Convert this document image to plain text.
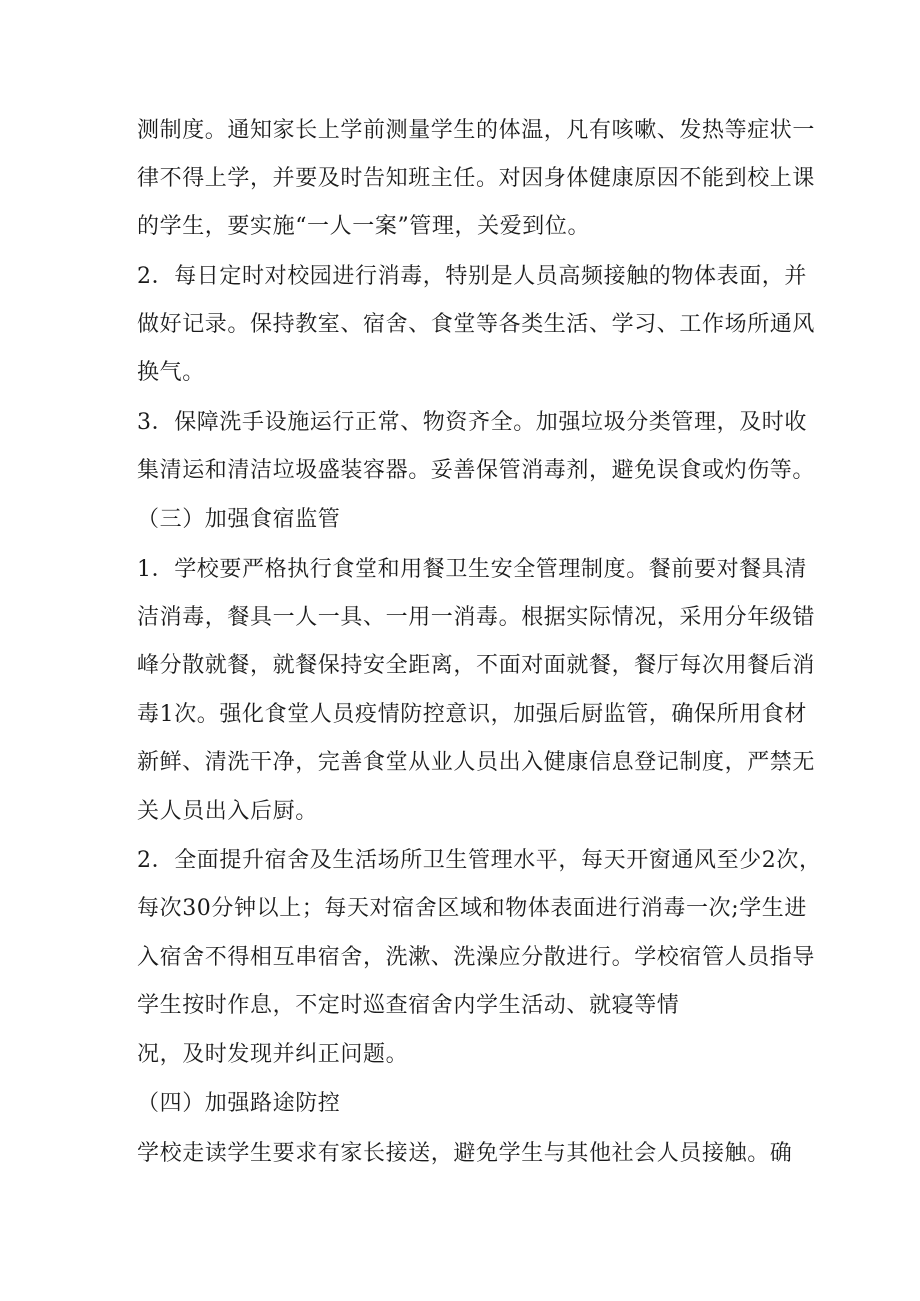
测制度。通知家长上学前测量学生的体温，凡有咳嗽、发热等症状一
律不得上学，并要及时告知班主任。对因身体健康原因不能到校上课
的学生，要实施“一人一案”管理，关爱到位。
2．每日定时对校园进行消毒，特别是人员高频接触的物体表面，并
做好记录。保持教室、宿舍、食堂等各类生活、学习、工作场所通风
换气。
3．保障洗手设施运行正常、物资齐全。加强垃圾分类管理，及时收
集清运和清洁垃圾盛装容器。妥善保管消毒剂，避免误食或灼伤等。
（三）加强食宿监管
1．学校要严格执行食堂和用餐卫生安全管理制度。餐前要对餐具清
洁消毒，餐具一人一具、一用一消毒。根据实际情况，采用分年级错
峰分散就餐，就餐保持安全距离，不面对面就餐，餐厅每次用餐后消
毒1次。强化食堂人员疫情防控意识，加强后厨监管，确保所用食材
新鲜、清洗干净，完善食堂从业人员出入健康信息登记制度，严禁无
关人员出入后厨。
2．全面提升宿舍及生活场所卫生管理水平，每天开窗通风至少2次，
每次30分钟以上；每天对宿舍区域和物体表面进行消毒一次;学生进
入宿舍不得相互串宿舍，洗漱、洗澡应分散进行。学校宿管人员指导
学生按时作息，不定时巡查宿舍内学生活动、就寝等情
况，及时发现并纠正问题。
（四）加强路途防控
学校走读学生要求有家长接送，避免学生与其他社会人员接触。确
